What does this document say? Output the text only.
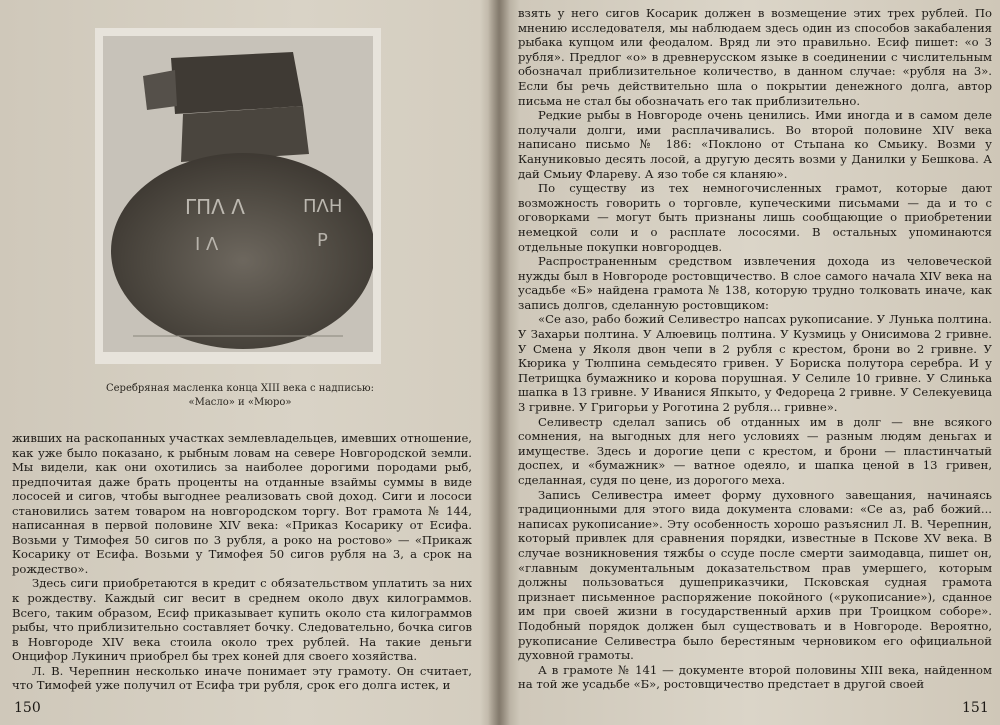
ΓΠΛ Λ	ΠΛΗ
Ι Λ	Ρ
Серебряная масленка конца XIII века с надписью: «Масло» и «Мюро»

живших на раскопанных участках землевладельцев, имевших отношение, как уже было показано, к рыбным ловам на севере Новгородской земли. Мы видели, как они охотились за наиболее дорогими породами рыб, предпочитая даже брать проценты на отданные взаймы суммы в виде лососей и сигов, чтобы выгоднее реализовать свой доход. Сиги и лососи становились затем товаром на новгородском торгу. Вот грамота № 144, написанная в первой половине XIV века: «Приказ Косарику от Есифа. Возьми у Тимофея 50 сигов по 3 рубля, а роко на ростово» — «Прикаж Косарику от Есифа. Возьми у Тимофея 50 сигов рубля на 3, а срок на рождество».

Здесь сиги приобретаются в кредит с обязательством уплатить за них к рождеству. Каждый сиг весит в среднем около двух килограммов. Всего, таким образом, Есиф приказывает купить около ста килограммов рыбы, что приблизительно составляет бочку. Следовательно, бочка сигов в Новгороде XIV века стоила около трех рублей. На такие деньги Онцифор Лукинич приобрел бы трех коней для своего хозяйства.

Л. В. Черепнин несколько иначе понимает эту грамоту. Он считает, что Тимофей уже получил от Есифа три рубля, срок его долга истек, и

150

взять у него сигов Косарик должен в возмещение этих трех рублей. По мнению исследователя, мы наблюдаем здесь один из способов закабаления рыбака купцом или феодалом. Вряд ли это правильно. Есиф пишет: «о 3 рубля». Предлог «о» в древнерусском языке в соединении с числительным обозначал приблизительное количество, в данном случае: «рубля на 3». Если бы речь действительно шла о покрытии денежного долга, автор письма не стал бы обозначать его так приблизительно.

Редкие рыбы в Новгороде очень ценились. Ими иногда и в самом деле получали долги, ими расплачивались. Во второй половине XIV века написано письмо № 186: «Поклоно от Стьпана ко Смьику. Возми у Кануниковыо десять лосой, а другую десять возми у Данилки у Бешкова. А дай Смьиу Флареву. А язо тобе ся кланяю».

По существу из тех немногочисленных грамот, которые дают возможность говорить о торговле, купеческими письмами — да и то с оговорками — могут быть признаны лишь сообщающие о приобретении немецкой соли и о расплате лососями. В остальных упоминаются отдельные покупки новгородцев.

Распространенным средством извлечения дохода из человеческой нужды был в Новгороде ростовщичество. В слое самого начала XIV века на усадьбе «Б» найдена грамота № 138, которую трудно толковать иначе, как запись долгов, сделанную ростовщиком:

«Се азо, рабо божий Селивестро напсах рукописание. У Лунька полтина. У Захарьи полтина. У Алюевиць полтина. У Кузмиць у Онисимова 2 гривне. У Смена у Яколя двон чепи в 2 рубля с крестом, брони во 2 гривне. У Кюрика у Тюлпина семьдесято гривен. У Бориска полутора серебра. И у Петрищка бумажнико и корова порушная. У Селиле 10 гривне. У Слинька шапка в 13 гривне. У Иванися Япкыто, у Федореца 2 гривне. У Селекуевица 3 гривне. У Григорьи у Роготина 2 рубля... гривне».

Селивестр сделал запись об отданных им в долг — вне всякого сомнения, на выгодных для него условиях — разным людям деньгах и имуществе. Здесь и дорогие цепи с крестом, и брони — пластинчатый доспех, и «бумажник» — ватное одеяло, и шапка ценой в 13 гривен, сделанная, судя по цене, из дорогого меха.

Запись Селивестра имеет форму духовного завещания, начинаясь традиционными для этого вида документа словами: «Се аз, раб божий... написах рукописание». Эту особенность хорошо разъяснил Л. В. Черепнин, который привлек для сравнения порядки, известные в Пскове XV века. В случае возникновения тяжбы о ссуде после смерти заимодавца, пишет он, «главным документальным доказательством прав умершего, которым должны пользоваться душеприказчики, Псковская судная грамота признает письменное распоряжение покойного («рукописание»), сданное им при своей жизни в государственный архив при Троицком соборе». Подобный порядок должен был существовать и в Новгороде. Вероятно, рукописание Селивестра было берестяным черновиком его официальной духовной грамоты.

А в грамоте № 141 — документе второй половины XIII века, найденном на той же усадьбе «Б», ростовщичество предстает в другой своей

151
